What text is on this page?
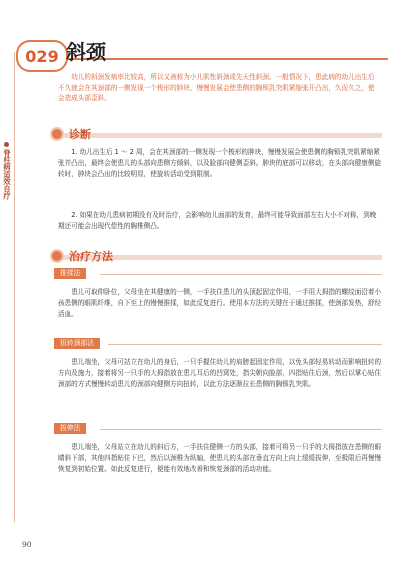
脊柱病适效自疗
029 斜颈
幼儿的斜颈发病率比较高，所以又被称为小儿肌性斜颈或先天性斜颈。一般情况下，患此病的幼儿出生后不久就会在其颈部的一侧发现一个梭形的肿块，慢慢发展会使患侧的胸锁乳突肌紧缩张开凸出，久而久之，使会造成头部歪斜。
诊断
1. 幼儿出生后 1 ～ 2 周，会在其颈部的一侧发现一个梭形的肿块，慢慢发展会使患侧的胸锁乳突肌紧缩紧张并凸出，最终会使患儿的头部向患侧方倾斜，以及脸部向健侧歪斜。肿块的底部可以移动，在头部向健康侧旋转时，肿块会凸出的比较明显，使旋转活动受到限制。
2. 如果在幼儿患病初期没有及时治疗，会影响幼儿面部的发育，最终可能导致面部左右大小不对称，到晚期还可能会出现代偿性的胸椎侧凸。
治疗方法
推揉法
患儿可取仰卧位，父母坐在其健康的一侧，一手扶住患儿的头顶起固定作用，一手用大拇指的螺纹面沿着小孩患侧的眼肌纤维，自下至上的慢慢推揉，如此反复进行。使用本方法的关键在于通过推揉，使颈部发热，舒经活血。
扭转颈部法
患儿端坐，父母可站立在幼儿的身后，一只手握住幼儿的肩膀起固定作用，以免头部轻易转动而影响扭转的方向及施力，接着将另一只手的大拇指放在患儿耳后的凹窝处，指尖朝向脸部，四指贴住后颈，然后以掌心贴住颈部的方式慢慢转动患儿的颈部向健侧方向扭转，以此方法逐渐拉长患侧的胸锁乳突肌。
拔伸法
患儿端坐，父母站立在幼儿的斜后方，一手扶住健侧一方的头部，接着可将另一只手的大拇指放在患侧的眼睛斜下部，其他四指贴住下巴，然后以颈椎为纵轴，使患儿的头部在垂直方向上向上缓缓拔伸，至极限后再慢慢恢复到初始位置。如此反复进行，便能有效地改善和恢复颈部的活动功能。
90
